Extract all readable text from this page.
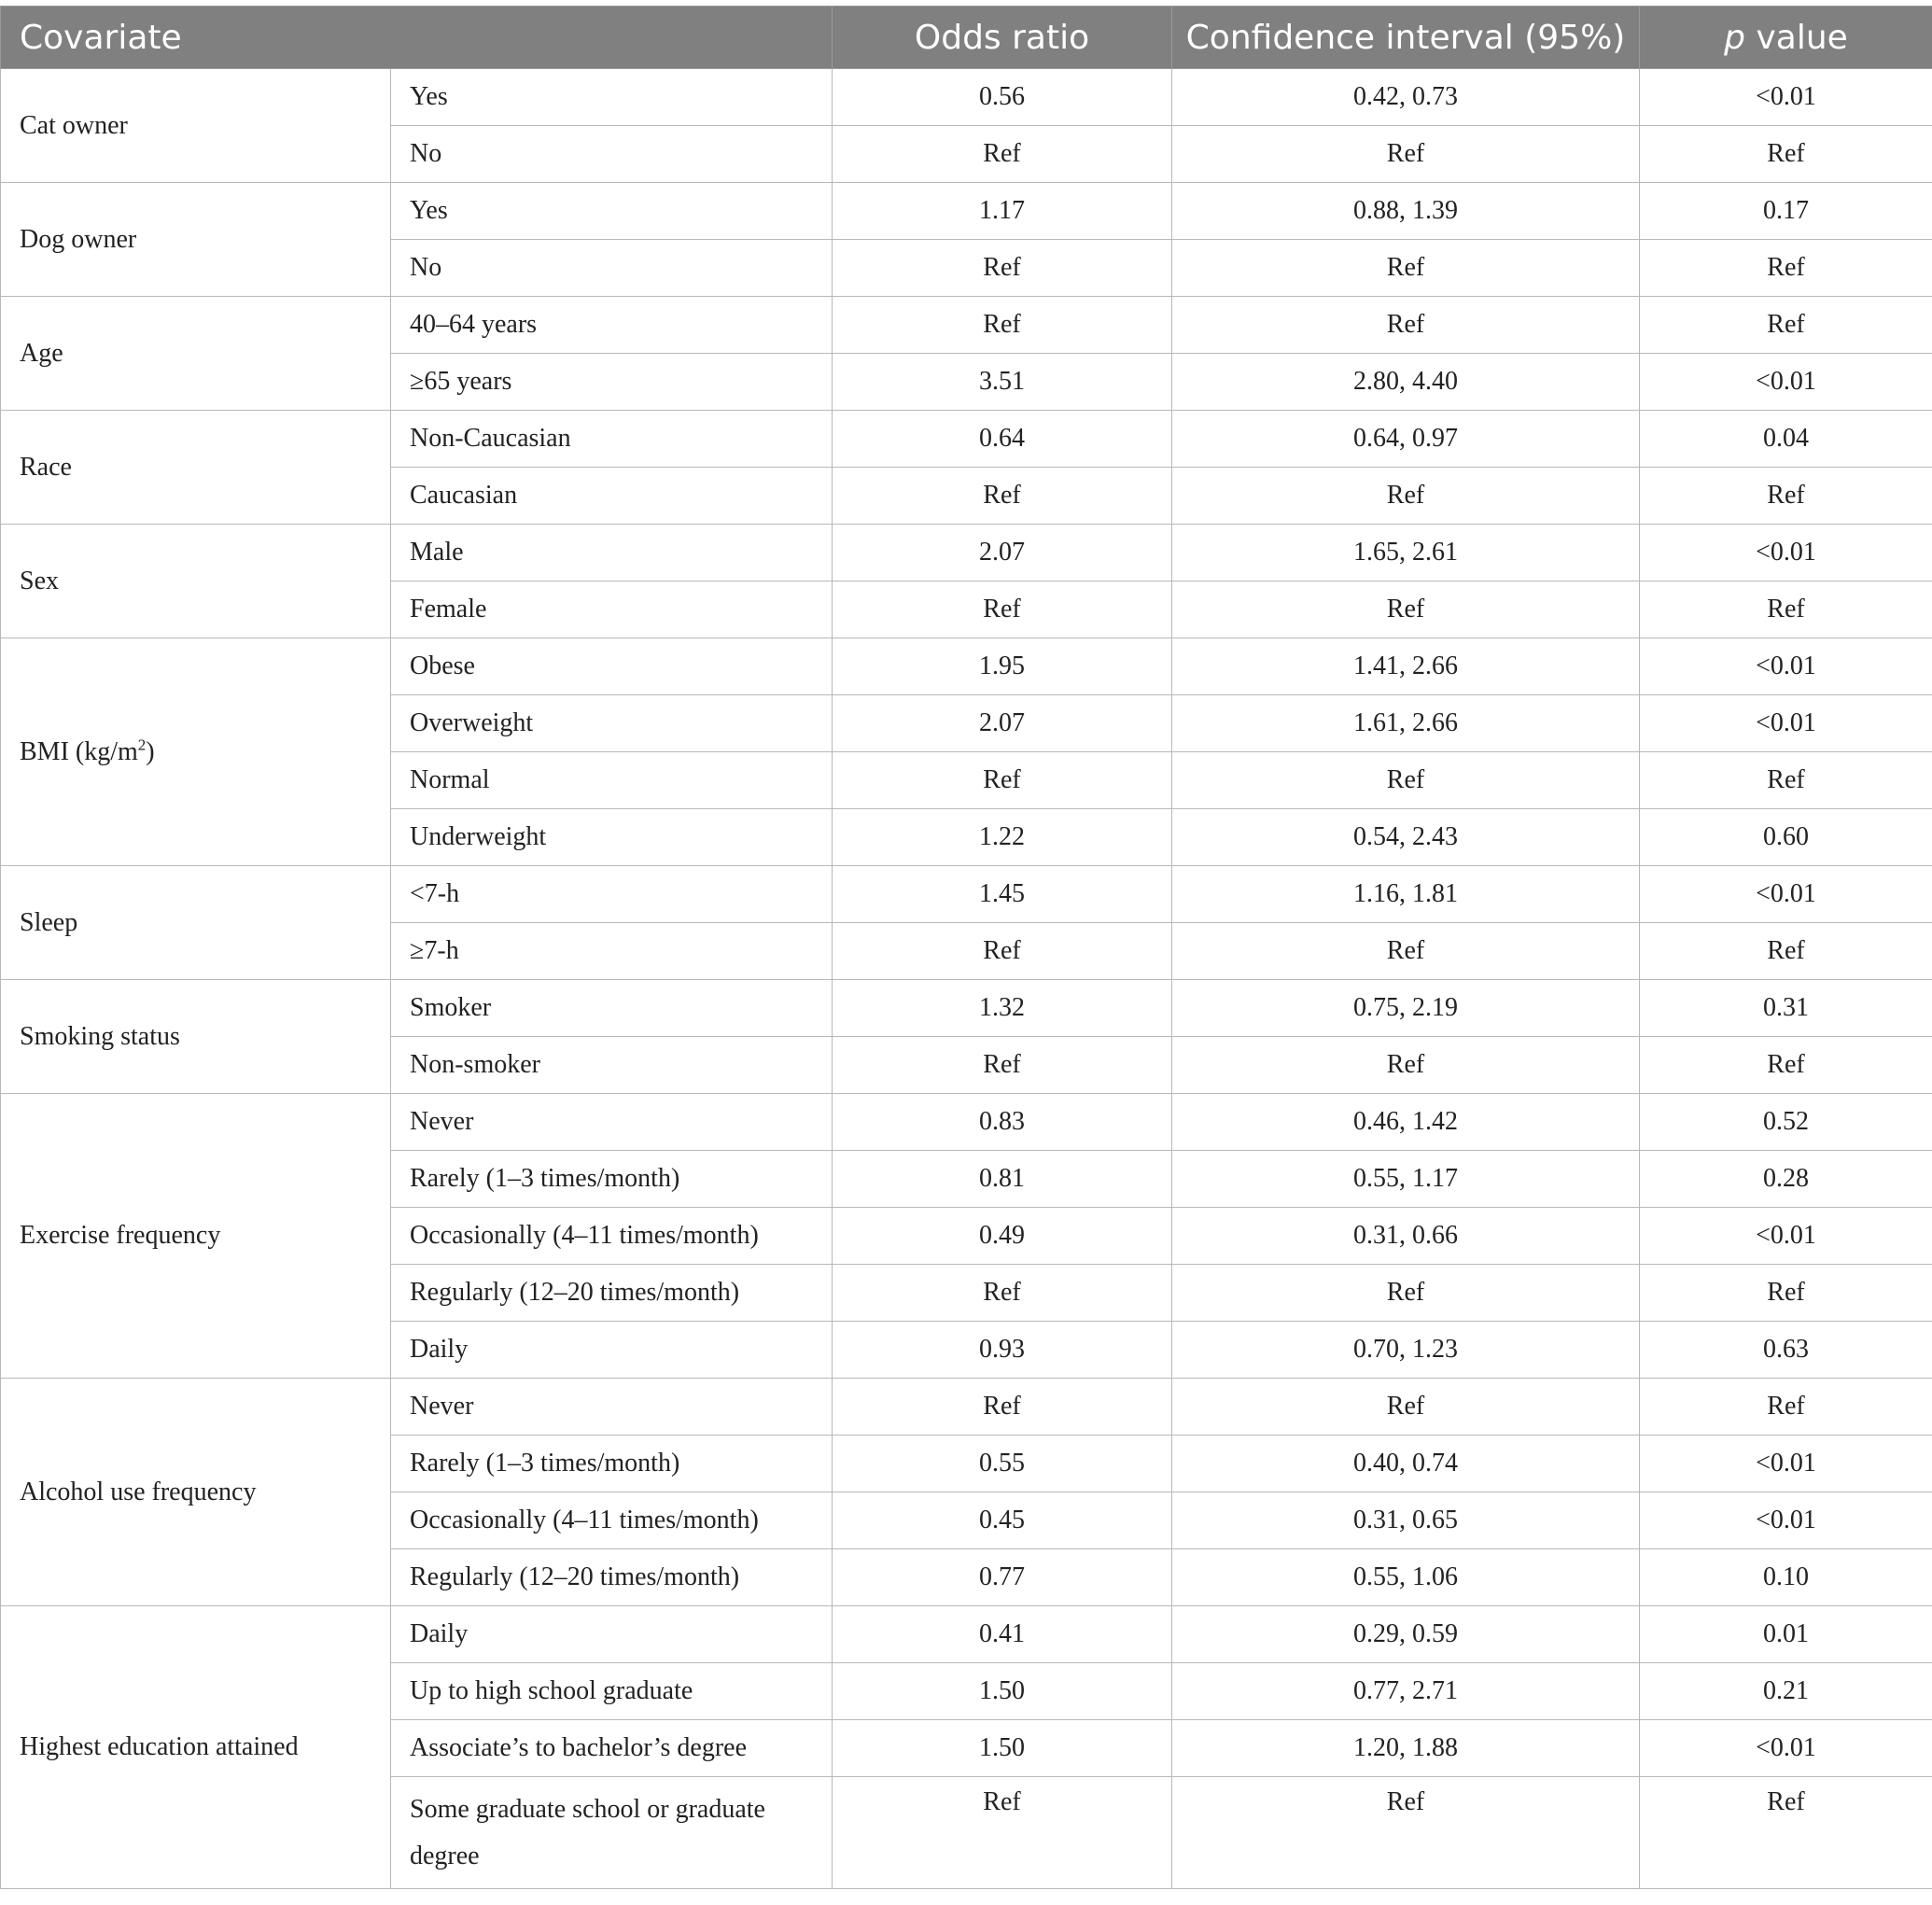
Covariate		Odds ratio	Confidence interval (95%)	p value
Cat owner	Yes	0.56	0.42, 0.73	<0.01
	No	Ref	Ref	Ref
Dog owner	Yes	1.17	0.88, 1.39	0.17
	No	Ref	Ref	Ref
Age	40–64 years	Ref	Ref	Ref
	≥65 years	3.51	2.80, 4.40	<0.01
Race	Non-Caucasian	0.64	0.64, 0.97	0.04
	Caucasian	Ref	Ref	Ref
Sex	Male	2.07	1.65, 2.61	<0.01
	Female	Ref	Ref	Ref
BMI $(kg/m^2)$	Obese	1.95	1.41, 2.66	<0.01
	Overweight	2.07	1.61, 2.66	<0.01
	Normal	Ref	Ref	Ref
	Underweight	1.22	0.54, 2.43	0.60
Sleep	<7-h	1.45	1.16, 1.81	<0.01
	≥7-h	Ref	Ref	Ref
Smoking status	Smoker	1.32	0.75, 2.19	0.31
	Non-smoker	Ref	Ref	Ref
Exercise frequency	Never	0.83	0.46, 1.42	0.52
	Rarely (1–3 times/month)	0.81	0.55, 1.17	0.28
	Occasionally (4–11 times/month)	0.49	0.31, 0.66	<0.01
	Regularly (12–20 times/month)	Ref	Ref	Ref
	Daily	0.93	0.70, 1.23	0.63
Alcohol use frequency	Never	Ref	Ref	Ref
	Rarely (1–3 times/month)	0.55	0.40, 0.74	<0.01
	Occasionally (4–11 times/month)	0.45	0.31, 0.65	<0.01
	Regularly (12–20 times/month)	0.77	0.55, 1.06	0.10
Highest education attained	Daily	0.41	0.29, 0.59	0.01
	Up to high school graduate	1.50	0.77, 2.71	0.21
	Associate’s to bachelor’s degree	1.50	1.20, 1.88	<0.01
	Some graduate school or graduate degree	Ref	Ref	Ref
